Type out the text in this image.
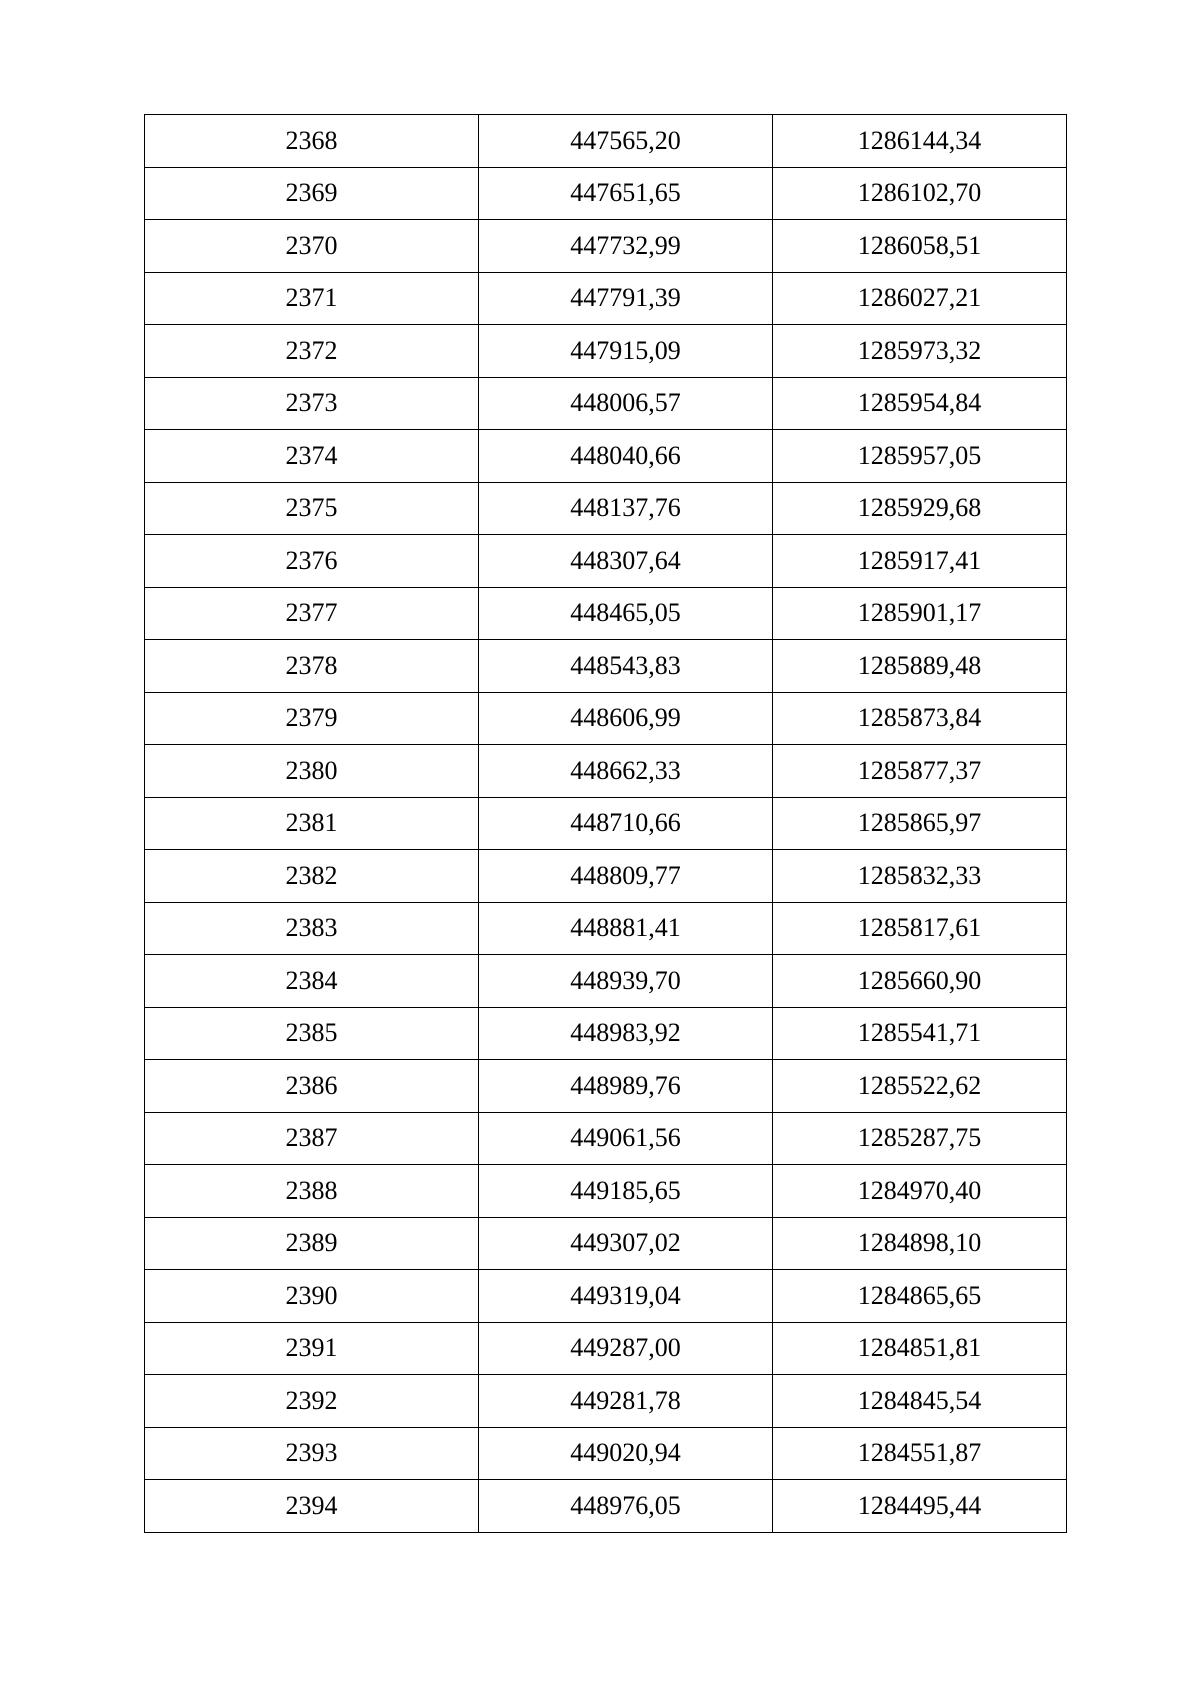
2368	447565,20	1286144,34
2369	447651,65	1286102,70
2370	447732,99	1286058,51
2371	447791,39	1286027,21
2372	447915,09	1285973,32
2373	448006,57	1285954,84
2374	448040,66	1285957,05
2375	448137,76	1285929,68
2376	448307,64	1285917,41
2377	448465,05	1285901,17
2378	448543,83	1285889,48
2379	448606,99	1285873,84
2380	448662,33	1285877,37
2381	448710,66	1285865,97
2382	448809,77	1285832,33
2383	448881,41	1285817,61
2384	448939,70	1285660,90
2385	448983,92	1285541,71
2386	448989,76	1285522,62
2387	449061,56	1285287,75
2388	449185,65	1284970,40
2389	449307,02	1284898,10
2390	449319,04	1284865,65
2391	449287,00	1284851,81
2392	449281,78	1284845,54
2393	449020,94	1284551,87
2394	448976,05	1284495,44
